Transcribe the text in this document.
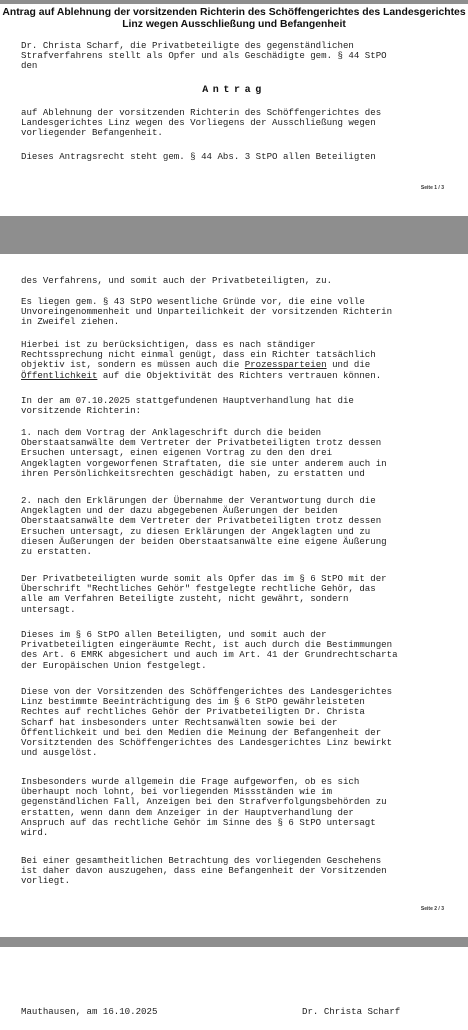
Antrag auf Ablehnung der vorsitzenden Richterin des Schöffengerichtes des Landesgerichtes
Linz wegen Ausschließung und Befangenheit
Dr. Christa Scharf, die Privatbeteiligte des gegenständlichen
Strafverfahrens stellt als Opfer und als Geschädigte gem. § 44 StPO
den
Antrag
auf Ablehnung der vorsitzenden Richterin des Schöffengerichtes des
Landesgerichtes Linz wegen des Vorliegens der Ausschließung wegen
vorliegender Befangenheit.
Dieses Antragsrecht steht gem. § 44 Abs. 3 StPO allen Beteiligten
Seite 1 / 3
des Verfahrens, und somit auch der Privatbeteiligten, zu.
Es liegen gem. § 43 StPO wesentliche Gründe vor, die eine volle
Unvoreingenommenheit und Unparteilichkeit der vorsitzenden Richterin
in Zweifel ziehen.
Hierbei ist zu berücksichtigen, dass es nach ständiger
Rechtssprechung nicht einmal genügt, dass ein Richter tatsächlich
objektiv ist, sondern es müssen auch die Prozessparteien und die
Öffentlichkeit auf die Objektivität des Richters vertrauen können.
In der am 07.10.2025 stattgefundenen Hauptverhandlung hat die
vorsitzende Richterin:
1. nach dem Vortrag der Anklageschrift durch die beiden
Oberstaatsanwälte dem Vertreter der Privatbeteiligten trotz dessen
Ersuchen untersagt, einen eigenen Vortrag zu den den drei
Angeklagten vorgeworfenen Straftaten, die sie unter anderem auch in
ihren Persönlichkeitsrechten geschädigt haben, zu erstatten und
2. nach den Erklärungen der Übernahme der Verantwortung durch die
Angeklagten und der dazu abgegebenen Äußerungen der beiden
Oberstaatsanwälte dem Vertreter der Privatbeteiligten trotz dessen
Ersuchen untersagt, zu diesen Erklärungen der Angeklagten und zu
diesen Äußerungen der beiden Oberstaatsanwälte eine eigene Äußerung
zu erstatten.
Der Privatbeteiligten wurde somit als Opfer das im § 6 StPO mit der
Überschrift "Rechtliches Gehör" festgelegte rechtliche Gehör, das
alle am Verfahren Beteiligte zusteht, nicht gewährt, sondern
untersagt.
Dieses im § 6 StPO allen Beteiligten, und somit auch der
Privatbeteiligten eingeräumte Recht, ist auch durch die Bestimmungen
des Art. 6 EMRK abgesichert und auch im Art. 41 der Grundrechtscharta
der Europäischen Union festgelegt.
Diese von der Vorsitzenden des Schöffengerichtes des Landesgerichtes
Linz bestimmte Beeinträchtigung des im § 6 StPO gewährleisteten
Rechtes auf rechtliches Gehör der Privatbeteiligten Dr. Christa
Scharf hat insbesonders unter Rechtsanwälten sowie bei der
Öffentlichkeit und bei den Medien die Meinung der Befangenheit der
Vorsitztenden des Schöffengerichtes des Landesgerichtes Linz bewirkt
und ausgelöst.
Insbesonders wurde allgemein die Frage aufgeworfen, ob es sich
überhaupt noch lohnt, bei vorliegenden Missständen wie im
gegenständlichen Fall, Anzeigen bei den Strafverfolgungsbehörden zu
erstatten, wenn dann dem Anzeiger in der Hauptverhandlung der
Anspruch auf das rechtliche Gehör im Sinne des § 6 StPO untersagt
wird.
Bei einer gesamtheitlichen Betrachtung des vorliegenden Geschehens
ist daher davon auszugehen, dass eine Befangenheit der Vorsitzenden
vorliegt.
Seite 2 / 3
Mauthausen, am 16.10.2025	Dr. Christa Scharf
